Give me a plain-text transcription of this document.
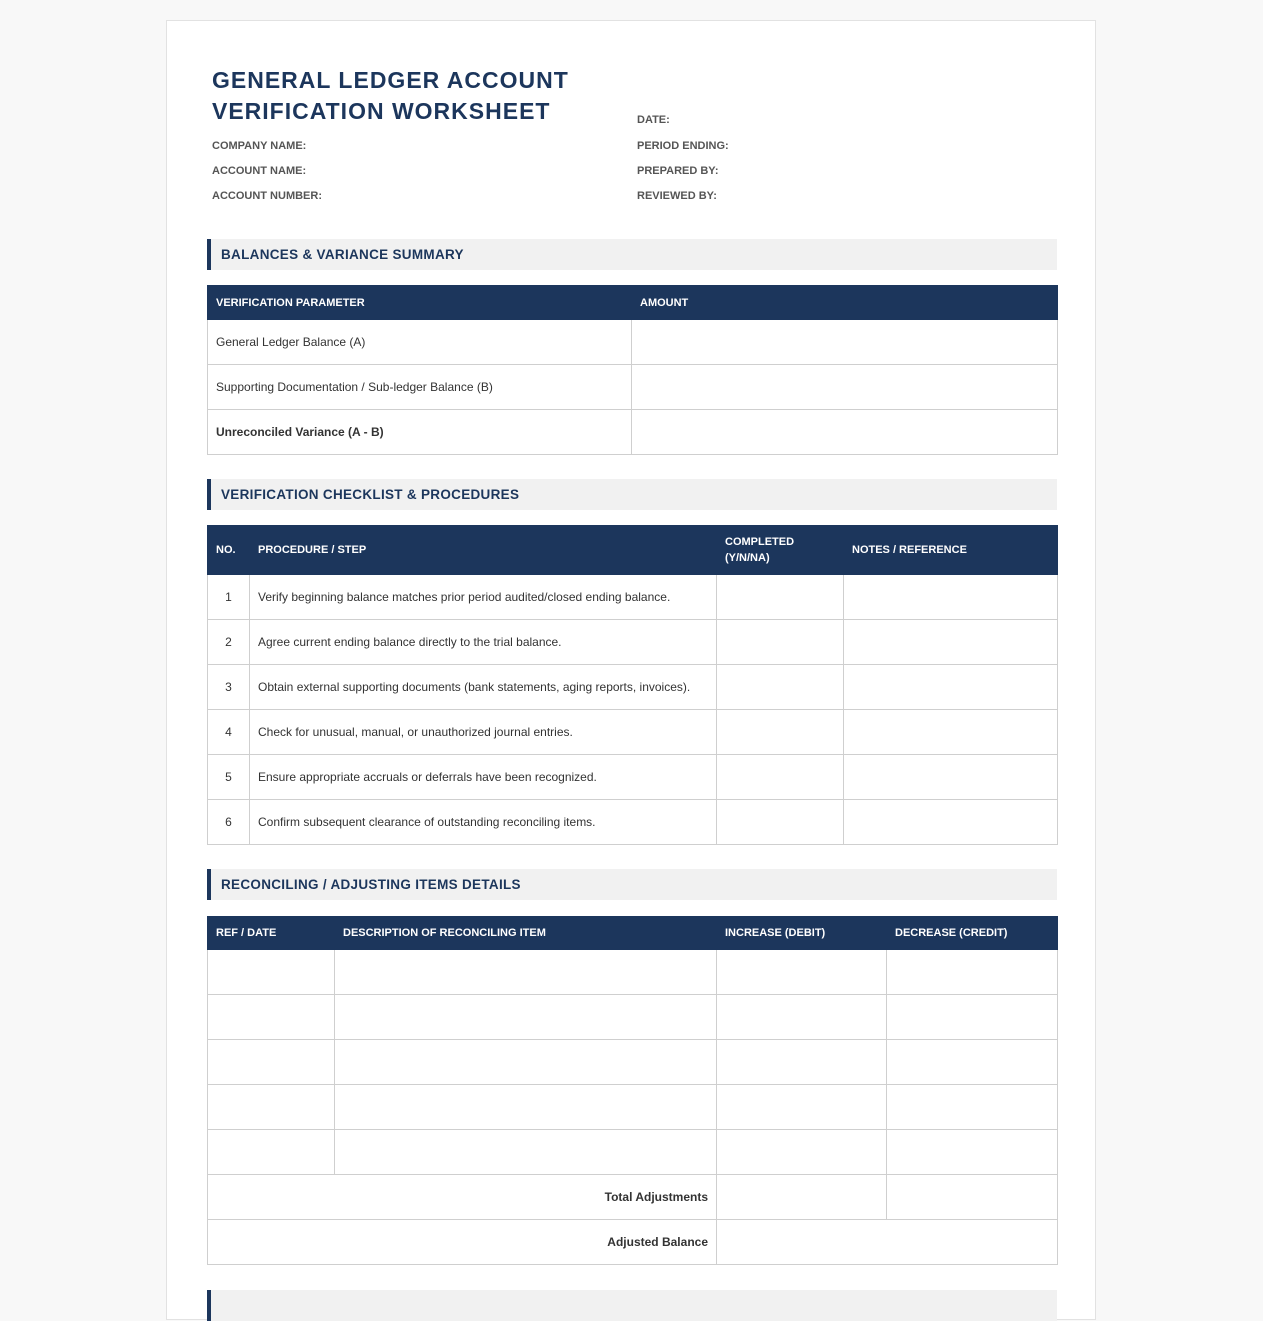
GENERAL LEDGER ACCOUNT VERIFICATION WORKSHEET
COMPANY NAME:
ACCOUNT NAME:
ACCOUNT NUMBER:
DATE:
PERIOD ENDING:
PREPARED BY:
REVIEWED BY:
BALANCES & VARIANCE SUMMARY
VERIFICATION PARAMETER	AMOUNT
General Ledger Balance (A)	
Supporting Documentation / Sub-ledger Balance (B)	
Unreconciled Variance (A - B)	
VERIFICATION CHECKLIST & PROCEDURES
NO.	PROCEDURE / STEP	COMPLETED (Y/N/NA)	NOTES / REFERENCE
1	Verify beginning balance matches prior period audited/closed ending balance.		
2	Agree current ending balance directly to the trial balance.		
3	Obtain external supporting documents (bank statements, aging reports, invoices).		
4	Check for unusual, manual, or unauthorized journal entries.		
5	Ensure appropriate accruals or deferrals have been recognized.		
6	Confirm subsequent clearance of outstanding reconciling items.		
RECONCILING / ADJUSTING ITEMS DETAILS
REF / DATE	DESCRIPTION OF RECONCILING ITEM	INCREASE (DEBIT)	DECREASE (CREDIT)

Total Adjustments			
Adjusted Balance			
